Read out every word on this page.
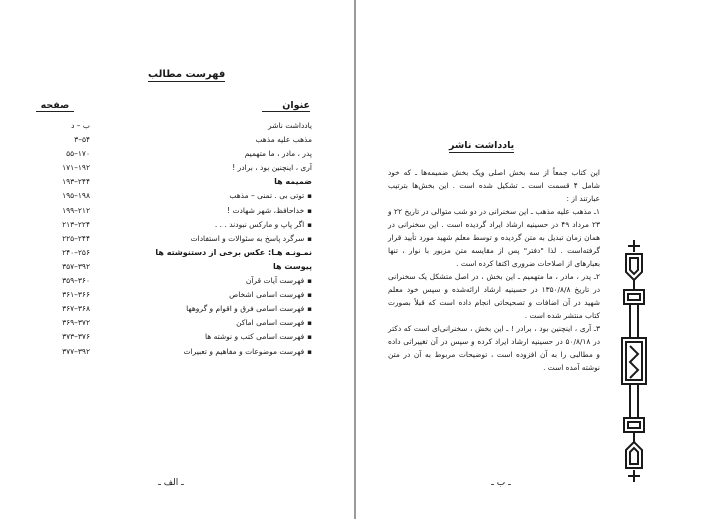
فهرست مطالب
عنوان
صفحه
یادداشت ناشر
ب – د
مذهب علیه مذهب
۵۴–۳
پدر ، مادر ، ما متهمیم
۱۷۰–۵۵
آری ، اینچنین بود ، برادر !
۱۹۲–۱۷۱
ضمیمه ها
۲۴۴–۱۹۳
▪ توتی بی . تمنی – مذهب
۱۹۸–۱۹۵
▪ خداحافظ، شهر شهادت !
۲۱۲–۱۹۹
▪ اگر پاپ و مارکس نبودند . . .
۲۲۴–۲۱۳
▪ سرگرد پاسخ به سئوالات و استفادات
۲۴۴–۲۲۵
نمـونـه هـا: عکس برخی از دستنوشته ها
۲۵۶–۲۴۰
پیوست ها
۳۹۲–۳۵۷
▪ فهرست آیات قرآن
۳۶۰–۳۵۹
▪ فهرست اسامی اشخاص
۳۶۶–۳۶۱
▪ فهرست اسامی فرق و اقوام و گروهها
۳۶۸–۳۶۷
▪ فهرست اسامی اماکن
۳۷۲–۳۶۹
▪ فهرست اسامی کتب و نوشته ها
۳۷۶–۳۷۳
▪ فهرست موضوعات و مفاهیم و تعبیرات
۳۹۲–۳۷۷
ـ الف ـ
یادداشت ناشر

این کتاب جمعاً از سه بخش اصلی ویک بخش ضمیمه‌ها ـ که خود شامل ۴ قسمت است ـ تشکیل شده است . این بخش‌ها بترتیب عبارتند از :

۱ـ مذهب علیه مذهب ـ این سخنرانی در دو شب متوالی در تاریخ ۲۲ و ۲۳ مرداد ۴۹ در حسینیه ارشاد ایراد گردیده است . این سخنرانی در همان زمان تبدیل به متن گردیده و توسط معلم شهید مورد تأیید قرار گرفته‌است . لذا "دفتر" پس از مقایسه متن مزبور با نوار ، تنها بعبارهای از اصلاحات ضروری اکتفا کرده است .

۲ـ پدر ، مادر ، ما متهمیم ـ این بخش ، در اصل متشکل یک سخنرانی در تاریخ ۱۳۵۰/۸/۸ در حسینیه ارشاد ارائه‌شده و سپس خود معلم شهید در آن اضافات و تصحیحاتی انجام داده است که قبلاً بصورت کتاب منتشر شده است .

۳ـ آری ، اینچنین بود ، برادر ! ـ این بخش ، سخنرانی‌ای است که دکتر در ۵۰/۸/۱۸ در حسینیه ارشاد ایراد کرده و سپس در آن تغییراتی داده و مطالبی را به آن افزوده است ، توضیحات مربوط به آن در متن نوشته آمده است .

ـ ب ـ
